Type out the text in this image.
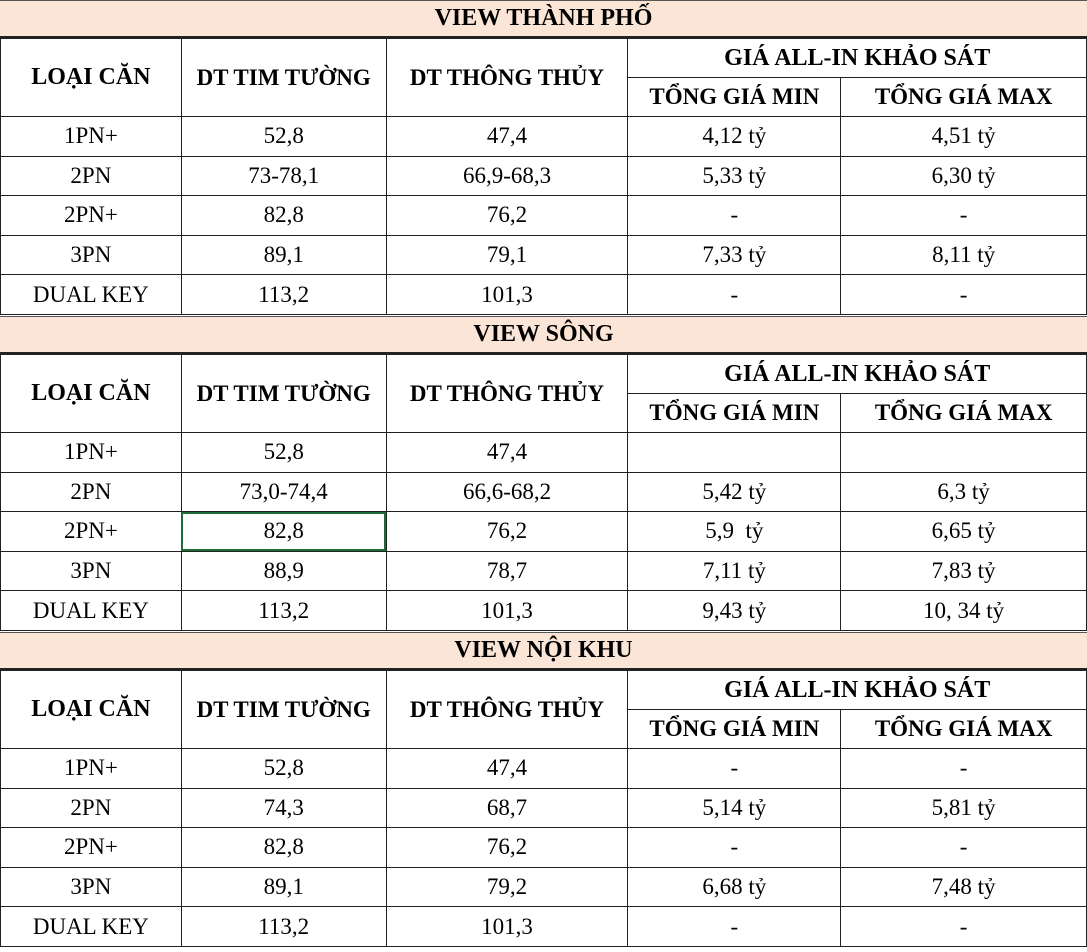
VIEW THÀNH PHỐ
LOẠI CĂN	DT TIM TƯỜNG	DT THÔNG THỦY	GIÁ ALL-IN KHẢO SÁT	
			TỔNG GIÁ MIN	TỔNG GIÁ MAX
1PN+	52,8	47,4	4,12 tỷ	4,51 tỷ
2PN	73-78,1	66,9-68,3	5,33 tỷ	6,30 tỷ
2PN+	82,8	76,2	-	-
3PN	89,1	79,1	7,33 tỷ	8,11 tỷ
DUAL KEY	113,2	101,3	-	-
VIEW SÔNG
LOẠI CĂN	DT TIM TƯỜNG	DT THÔNG THỦY	GIÁ ALL-IN KHẢO SÁT	
			TỔNG GIÁ MIN	TỔNG GIÁ MAX
1PN+	52,8	47,4		
2PN	73,0-74,4	66,6-68,2	5,42 tỷ	6,3 tỷ
2PN+	82,8	76,2	5,9  tỷ	6,65 tỷ
3PN	88,9	78,7	7,11 tỷ	7,83 tỷ
DUAL KEY	113,2	101,3	9,43 tỷ	10, 34 tỷ
VIEW NỘI KHU
LOẠI CĂN	DT TIM TƯỜNG	DT THÔNG THỦY	GIÁ ALL-IN KHẢO SÁT	
			TỔNG GIÁ MIN	TỔNG GIÁ MAX
1PN+	52,8	47,4	-	-
2PN	74,3	68,7	5,14 tỷ	5,81 tỷ
2PN+	82,8	76,2	-	-
3PN	89,1	79,2	6,68 tỷ	7,48 tỷ
DUAL KEY	113,2	101,3	-	-
